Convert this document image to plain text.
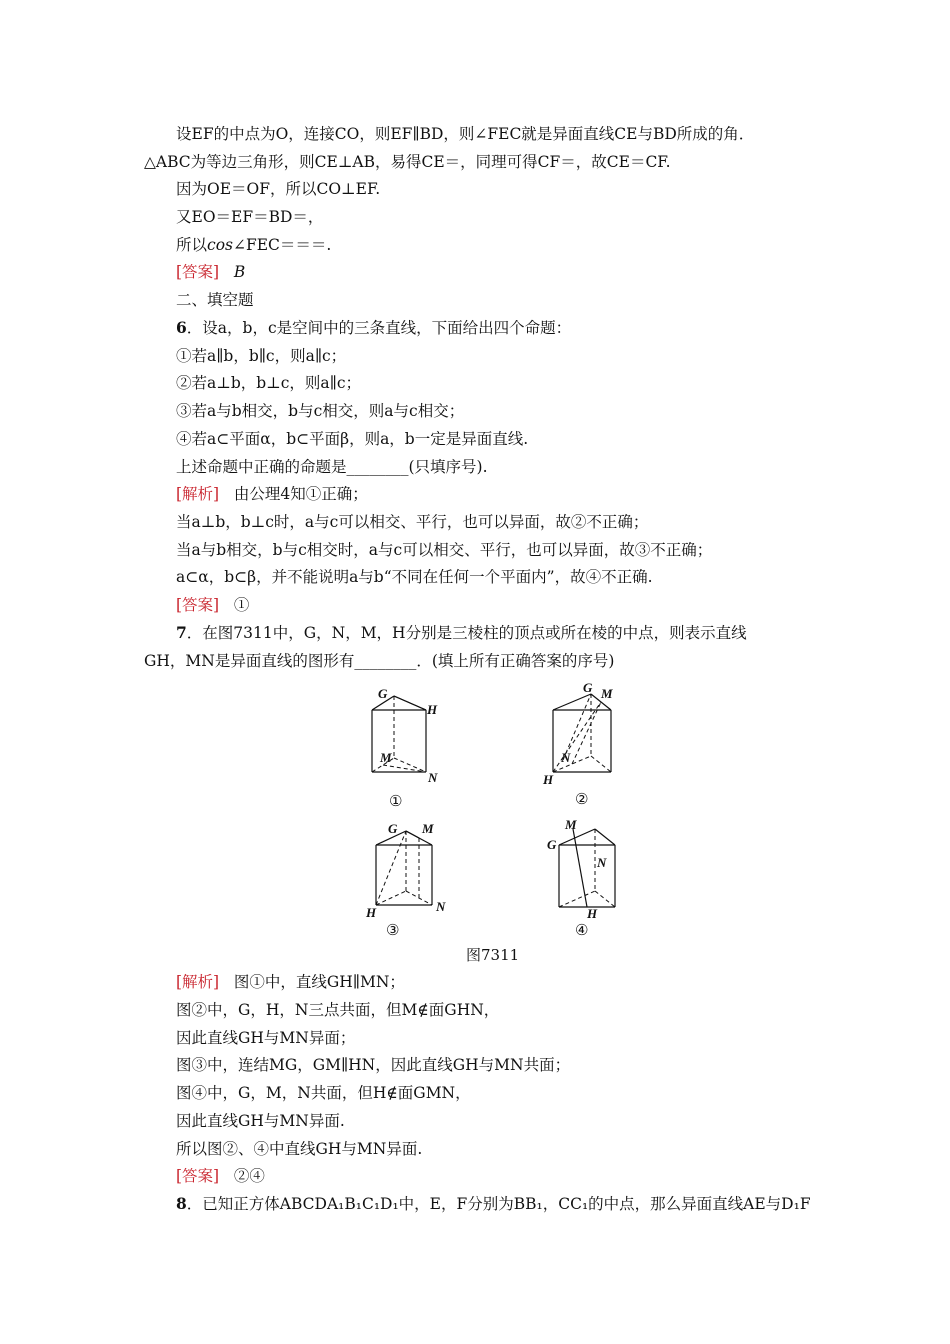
设EF的中点为O，连接CO，则EF∥BD，则∠FEC就是异面直线CE与BD所成的角．
△ABC为等边三角形，则CE⊥AB，易得CE＝，同理可得CF＝，故CE＝CF.
因为OE＝OF，所以CO⊥EF.
又EO＝EF＝BD＝，
所以cos∠FEC＝＝＝.
[答案] B
二、填空题
6．设a，b，c是空间中的三条直线，下面给出四个命题：
①若a∥b，b∥c，则a∥c；
②若a⊥b，b⊥c，则a∥c；
③若a与b相交，b与c相交，则a与c相交；
④若a⊂平面α，b⊂平面β，则a，b一定是异面直线.
上述命题中正确的命题是________(只填序号).
[解析] 由公理4知①正确；
当a⊥b，b⊥c时，a与c可以相交、平行，也可以异面，故②不正确；
当a与b相交，b与c相交时，a与c可以相交、平行，也可以异面，故③不正确；
a⊂α，b⊂β，并不能说明a与b“不同在任何一个平面内”，故④不正确.
[答案] ①
7．在图7311中，G，N，M，H分别是三棱柱的顶点或所在棱的中点，则表示直线
GH，MN是异面直线的图形有________．(填上所有正确答案的序号)
G
H
M
N
①
G M
N
H
②
G M
H	N
③
M
G
N
H
④
图7311
[解析] 图①中，直线GH∥MN；
图②中，G，H，N三点共面，但M∉面GHN，
因此直线GH与MN异面；
图③中，连结MG，GM∥HN，因此直线GH与MN共面；
图④中，G，M，N共面，但H∉面GMN，
因此直线GH与MN异面.
所以图②、④中直线GH与MN异面.
[答案] ②④
8．已知正方体ABCDA₁B₁C₁D₁中，E，F分别为BB₁，CC₁的中点，那么异面直线AE与D₁F
